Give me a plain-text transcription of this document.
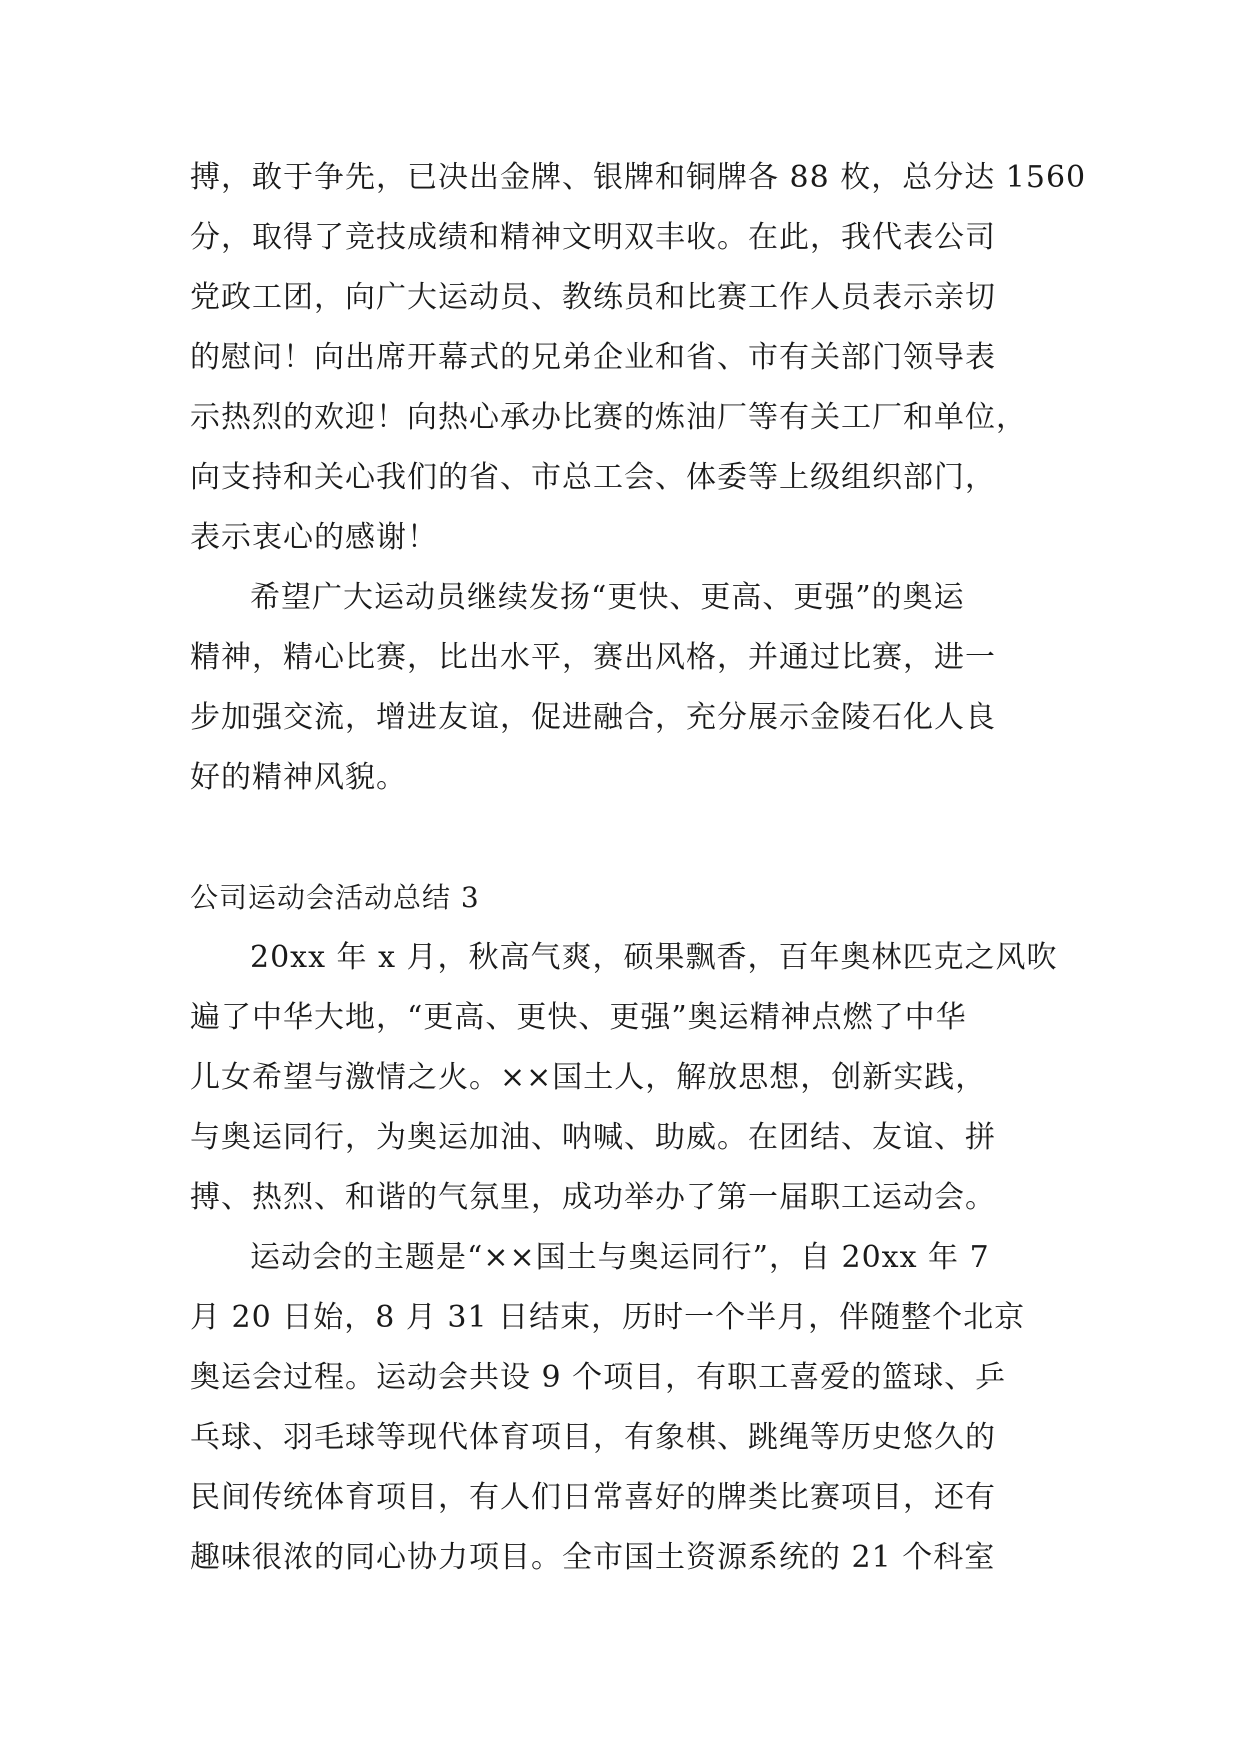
搏，敢于争先，已决出金牌、银牌和铜牌各 88 枚，总分达 1560
分，取得了竞技成绩和精神文明双丰收。在此，我代表公司
党政工团，向广大运动员、教练员和比赛工作人员表示亲切
的慰问！向出席开幕式的兄弟企业和省、市有关部门领导表
示热烈的欢迎！向热心承办比赛的炼油厂等有关工厂和单位，
向支持和关心我们的省、市总工会、体委等上级组织部门，
表示衷心的感谢！
希望广大运动员继续发扬“更快、更高、更强”的奥运
精神，精心比赛，比出水平，赛出风格，并通过比赛，进一
步加强交流，增进友谊，促进融合，充分展示金陵石化人良
好的精神风貌。
公司运动会活动总结 3
20xx 年 x 月，秋高气爽，硕果飘香，百年奥林匹克之风吹
遍了中华大地，“更高、更快、更强”奥运精神点燃了中华
儿女希望与激情之火。××国土人，解放思想，创新实践，
与奥运同行，为奥运加油、呐喊、助威。在团结、友谊、拼
搏、热烈、和谐的气氛里，成功举办了第一届职工运动会。
运动会的主题是“××国土与奥运同行”，自 20xx 年 7
月 20 日始，8 月 31 日结束，历时一个半月，伴随整个北京
奥运会过程。运动会共设 9 个项目，有职工喜爱的篮球、乒
乓球、羽毛球等现代体育项目，有象棋、跳绳等历史悠久的
民间传统体育项目，有人们日常喜好的牌类比赛项目，还有
趣味很浓的同心协力项目。全市国土资源系统的 21 个科室
